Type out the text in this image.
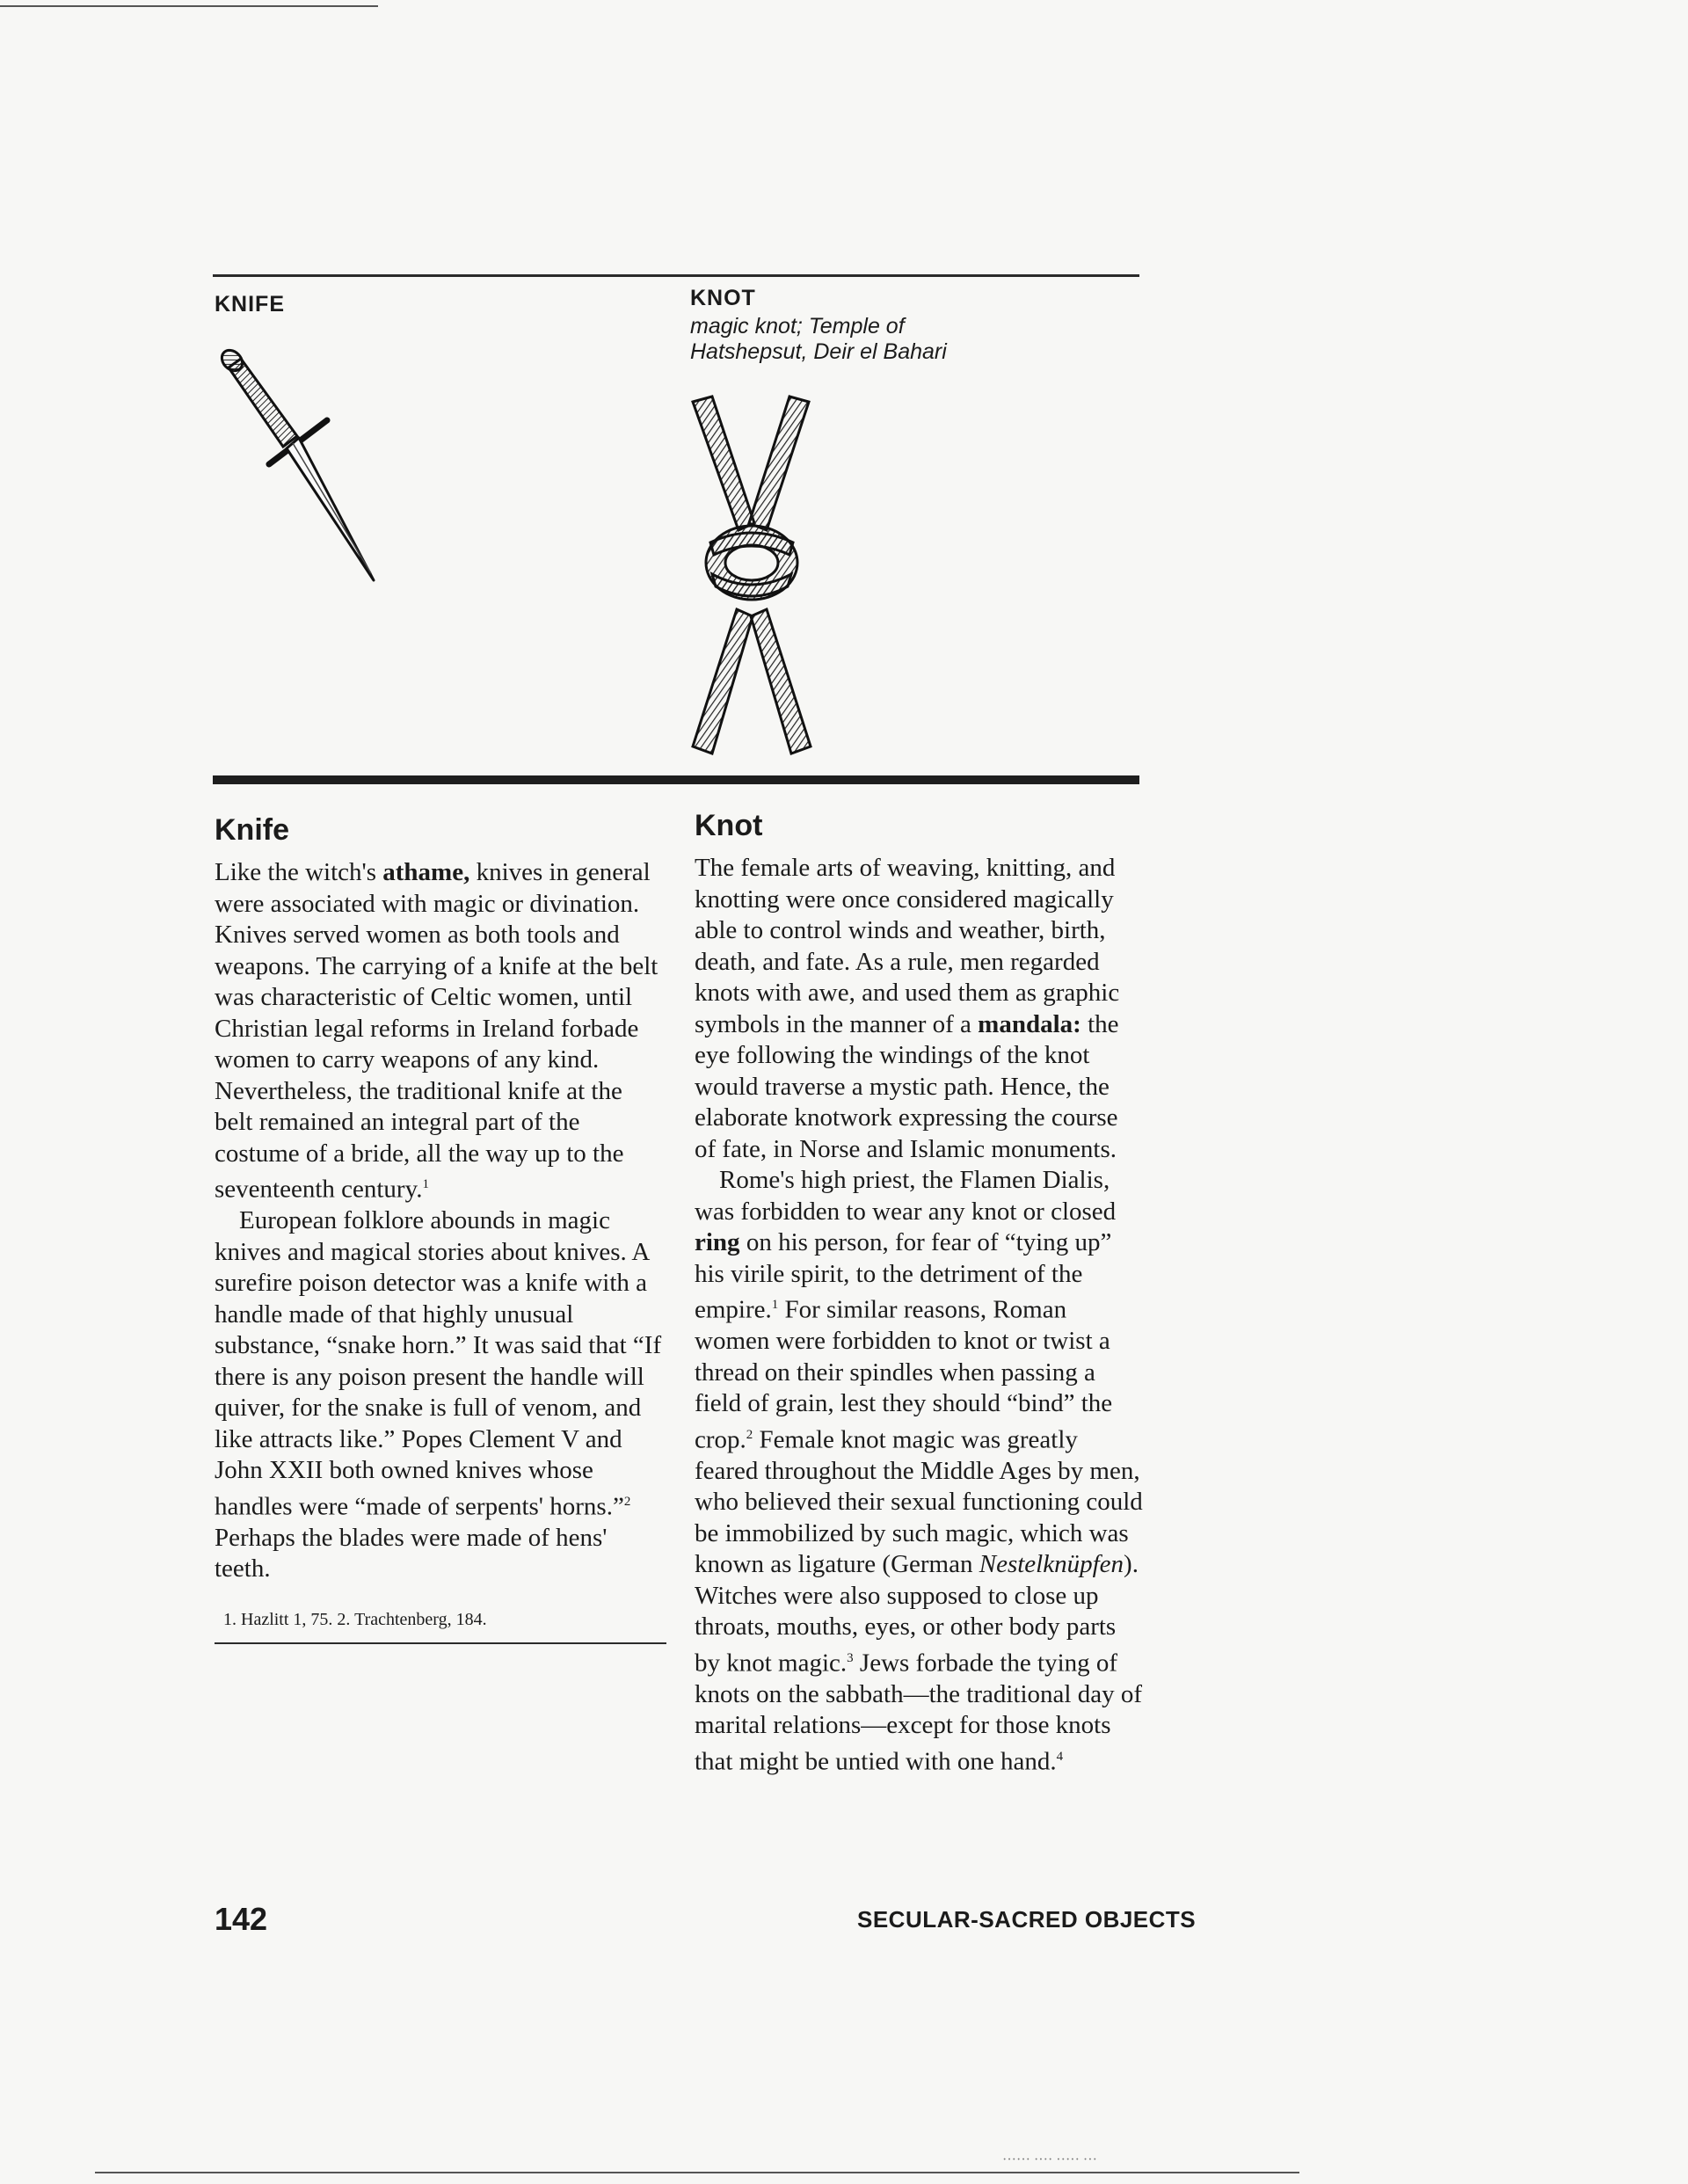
KNIFE	KNOT
magic knot; Temple of
Hatshepsut, Deir el Bahari
Knife

Like the witch's athame, knives in general were associated with magic or divination. Knives served women as both tools and weapons. The carrying of a knife at the belt was characteristic of Celtic women, until Christian legal reforms in Ireland forbade women to carry weapons of any kind. Nevertheless, the traditional knife at the belt remained an integral part of the costume of a bride, all the way up to the seventeenth century.$^1$

European folklore abounds in magic knives and magical stories about knives. A surefire poison detector was a knife with a handle made of that highly unusual substance, “snake horn.” It was said that “If there is any poison present the handle will quiver, for the snake is full of venom, and like attracts like.” Popes Clement V and John XXII both owned knives whose handles were “made of serpents' horns.”$^2$ Perhaps the blades were made of hens' teeth.

1. Hazlitt 1, 75. 2. Trachtenberg, 184.
Knot

The female arts of weaving, knitting, and knotting were once considered magically able to control winds and weather, birth, death, and fate. As a rule, men regarded knots with awe, and used them as graphic symbols in the manner of a mandala: the eye following the windings of the knot would traverse a mystic path. Hence, the elaborate knotwork expressing the course of fate, in Norse and Islamic monuments.

Rome's high priest, the Flamen Dialis, was forbidden to wear any knot or closed ring on his person, for fear of “tying up” his virile spirit, to the detriment of the empire.$^1$ For similar reasons, Roman women were forbidden to knot or twist a thread on their spindles when passing a field of grain, lest they should “bind” the crop.$^2$ Female knot magic was greatly feared throughout the Middle Ages by men, who believed their sexual functioning could be immobilized by such magic, which was known as ligature (German Nestelknüpfen). Witches were also supposed to close up throats, mouths, eyes, or other body parts by knot magic.$^3$ Jews forbade the tying of knots on the sabbath—the traditional day of marital relations—except for those knots that might be untied with one hand.$^4$

142	SECULAR-SACRED OBJECTS
······ ···· ····· ···
